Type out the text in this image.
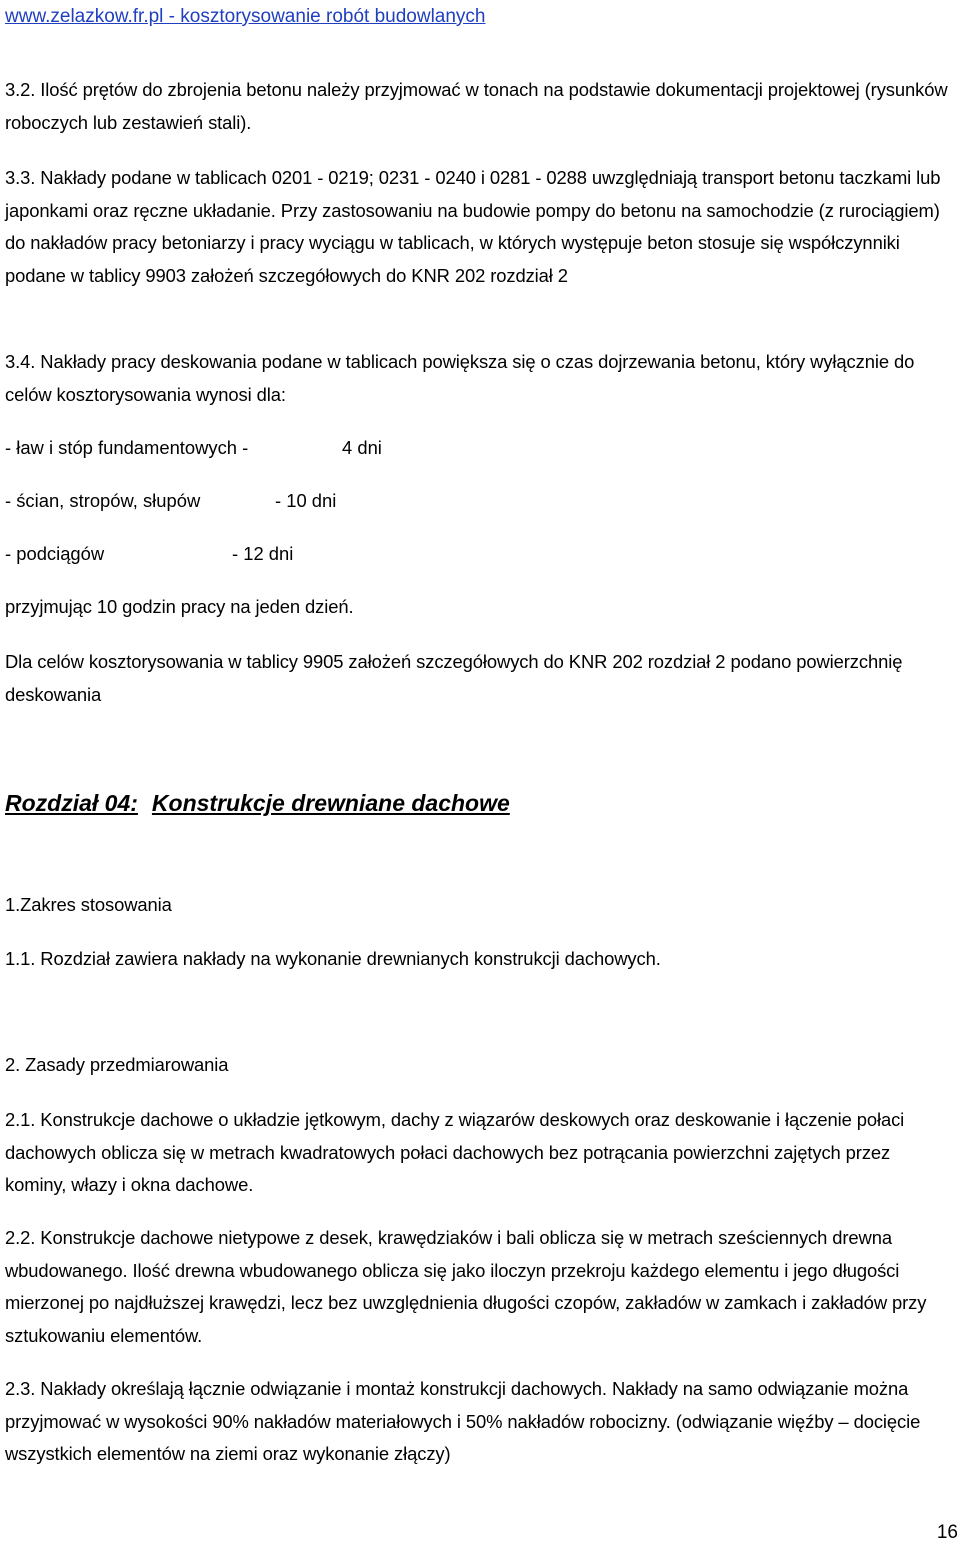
www.zelazkow.fr.pl - kosztorysowanie robót budowlanych

3.2. Ilość prętów do zbrojenia betonu należy przyjmować w tonach na podstawie dokumentacji projektowej (rysunków roboczych lub zestawień stali).

3.3. Nakłady podane w tablicach 0201 - 0219; 0231 - 0240 i 0281 - 0288 uwzględniają transport betonu taczkami lub japonkami oraz ręczne układanie. Przy zastosowaniu na budowie pompy do betonu na samochodzie (z rurociągiem) do nakładów pracy betoniarzy i pracy wyciągu w tablicach, w których występuje beton stosuje się współczynniki podane w tablicy 9903 założeń szczegółowych do KNR 202 rozdział 2

3.4. Nakłady pracy deskowania podane w tablicach powiększa się o czas dojrzewania betonu, który wyłącznie do celów kosztorysowania wynosi dla:

- ław i stóp fundamentowych -	4 dni
- ścian, stropów, słupów	- 10 dni
- podciągów	- 12 dni

przyjmując 10 godzin pracy na jeden dzień.

Dla celów kosztorysowania w tablicy 9905 założeń szczegółowych do KNR 202 rozdział 2 podano powierzchnię deskowania

Rozdział 04: Konstrukcje drewniane dachowe

1.Zakres stosowania

1.1. Rozdział zawiera nakłady na wykonanie drewnianych konstrukcji dachowych.

2. Zasady przedmiarowania

2.1. Konstrukcje dachowe o układzie jętkowym, dachy z wiązarów deskowych oraz deskowanie i łączenie połaci dachowych oblicza się w metrach kwadratowych połaci dachowych bez potrącania powierzchni zajętych przez kominy, włazy i okna dachowe.

2.2. Konstrukcje dachowe nietypowe z desek, krawędziaków i bali oblicza się w metrach sześciennych drewna wbudowanego. Ilość drewna wbudowanego oblicza się jako iloczyn przekroju każdego elementu i jego długości mierzonej po najdłuższej krawędzi, lecz bez uwzględnienia długości czopów, zakładów w zamkach i zakładów przy sztukowaniu elementów.

2.3. Nakłady określają łącznie odwiązanie i montaż konstrukcji dachowych. Nakłady na samo odwiązanie można przyjmować w wysokości 90% nakładów materiałowych i 50% nakładów robocizny. (odwiązanie więźby – docięcie wszystkich elementów na ziemi oraz wykonanie złączy)

16
